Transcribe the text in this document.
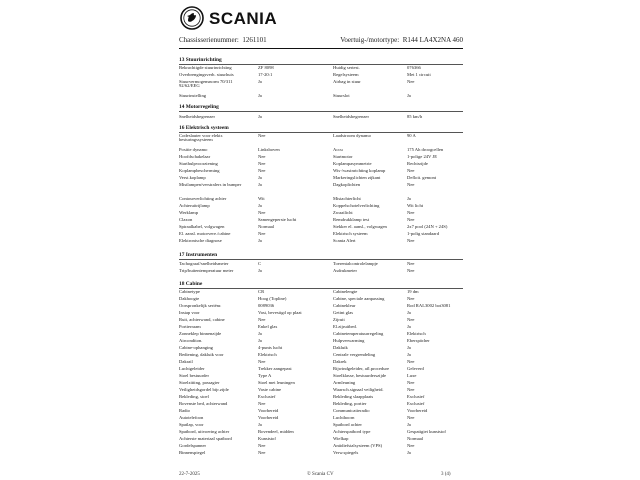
SCANIA
Chassisserienummer: 1261101	Voertuig-/motortype: R144 LA4X2NA 460
13 Stuurinrichting
Bekrachtigde stuurinrichting	ZF 8098	Huidig seriest.	076366
Overbrengingsverh. stuurhuis	17-20:1	Regelsysteem	Met 1 circuit
Stuurvermogensnorm 70/311 92/62/EEG
Ja	Airbag in stuur	Nee
Stuurinstelling	Ja	Stuurslot	Ja
14 Motorregeling
Snelheidsbegrenzer	Ja	Snelheidsbegrenzer	85 km/h
16 Elektrisch systeem
Codeslauter voor elektr. besturingssysteem
Nee	Laadstroom dynamo	90 A
Positie dynamo	Linksboven	Accu	175 Ah droogcellen
Hoofdschakelaar	Nee	Startmotor	1-polige 24V JE
Starthulpvoorziening	Nee	Koplampasymmetrie	Rechtsrijde
Koplampbescherming	Nee	Wis-/wasinrichting koplamp	Nee
Verst.koplamp	Ja	Markeringslichten zijkant	Defloit. gemont
Mistlampen/verstralers in bumper	Ja	Dagkoplichten	Nee
Contourverlichting achter	Wit	Mistachterlicht	Ja
Achteruitrijlamp	Ja	Koppelschotelverlichting	Wit licht
Werklamp	Nee	Zwaailicht	Nee
Claxon	Samengeperste lucht	Remdrukklamp test	Nee
Spiraalkabel, volgwagen	Normaal	Stekker el. aansl., volgwagen	2x7 pool (24N + 24S)
El. aansl. motorvere./cabine	Nee	Elektrisch systeem	1-polig standaard
Elektronische diagnose	Ja	Scania Alert	Nee
17 Instrumenten
Tachograaf/snelheidsmeter	C	Toerentalcontrolelampje	Nee
Trip/buitentemperatuur meter	Ja	Asdrukmeter	Nee
18 Cabine
Cabinetype	CR	Cabinelengte	19 dm
Dakhoogte	Hoog (Topline)	Cabine, speciale aanpassing	Nee
Oorspronkelijk seriënr.	0089036	Cabinekleur	Rod RAL3002 bot3081
Instap voor	Vast, bevestigd op plaat	Getint glas	Ja
Ruit, achterwand, cabine	Nee	Zijruit	Nee
Portierraam	Enkel glas	El.zijruitbed.	Ja
Zonneklep binnenzijde	Ja	Cabinetemperatuurregeling	Elektrisch
Airconditon.	Ja	Hulpverwarming	Eberspächer
Cabine-ophanging	4-punts lucht	Dakluik	Ja
Bediening, dakluik voor	Elektrisch	Centrale vergrendeling	Ja
Dakrail	Nee	Dakrek	Nee
Luchtgeleider	Trekker aangepast	Rijwindgeleider, afl.procedure	Geleverd
Stoel bestuurder	Type A	Stoelklasse, bestuurderszijde	Luxe
Stoelzitting, passagier	Stoel met leuningen	Armleuning	Nee
Veiligheidsgordel bijr.zijde	Vaste cabine	Waarsch.signaal veiligheid.	Nee
Bekleding, stoel	Exclusief	Bekleding slaapplaats	Exclusief
Bovenste bed, achterwand	Nee	Bekleding, portier	Exclusief
Radio	Voorbereid	Communicatieradio	Voorbereid
Autotelefoon	Voorbereid	Luchthoorn	Nee
Spatlap, voor	Ja	Spatbord achter	Ja
Spatbord, uitvoering achter	Bovendeel, midden	Achterspatbord type	Gespatigiet kunststof
Achterste materiaal spatbord	Kunststof	Wielkap	Normaal
Gordelspanner	Nee	Antidiefstalsysteem (VPS)	Nee
Binnenspiegel	Nee	Verw.spiegels	Ja
22-7-2025	© Scania CV	3 (4)
